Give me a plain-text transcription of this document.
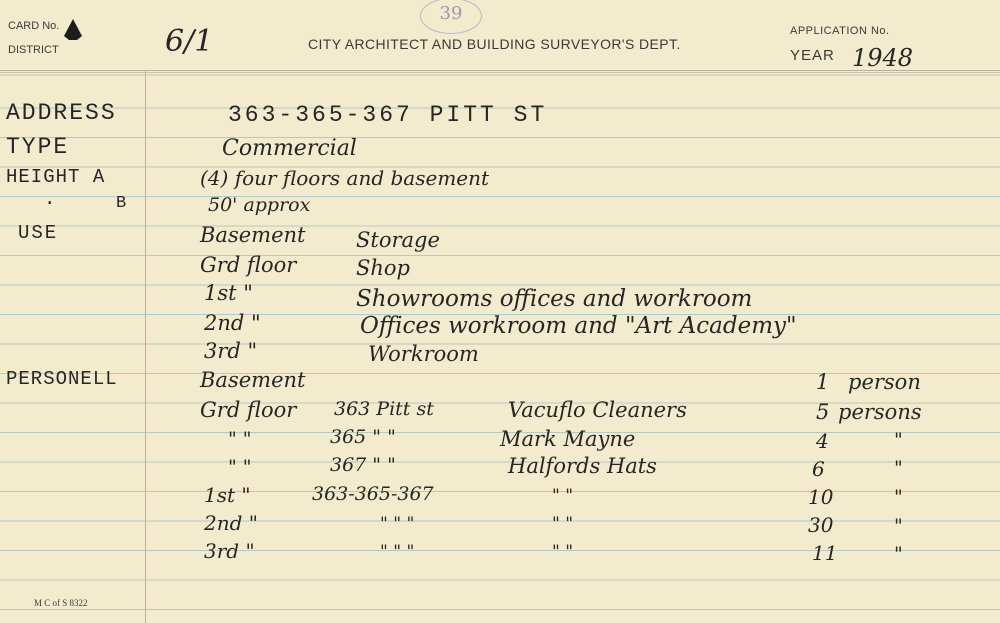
CARD No.
DISTRICT	6/1
39
CITY ARCHITECT AND BUILDING SURVEYOR'S DEPT.
APPLICATION No.
YEAR 1948
ADDRESS
TYPE
HEIGHT A
.	B
USE
PERSONELL
363-365-367 PITT ST
Commercial
(4) four floors and basement
50' approx
Basement Storage
Grd floor	Shop
1st "	Showrooms offices and workroom
2nd "	Offices workroom and "Art Academy"
3rd "	Workroom
Basement	1 person
Grd floor 363 Pitt st	Vacuflo Cleaners	5 persons
" "	365 " "	Mark Mayne	4	"
" "	367 " "	Halfords Hats	6	"
1st "	363-365-367	" "	10	"
2nd "	" " "	" "	30	"
3rd "	" " "	" "	11	"
M C of S 8322
